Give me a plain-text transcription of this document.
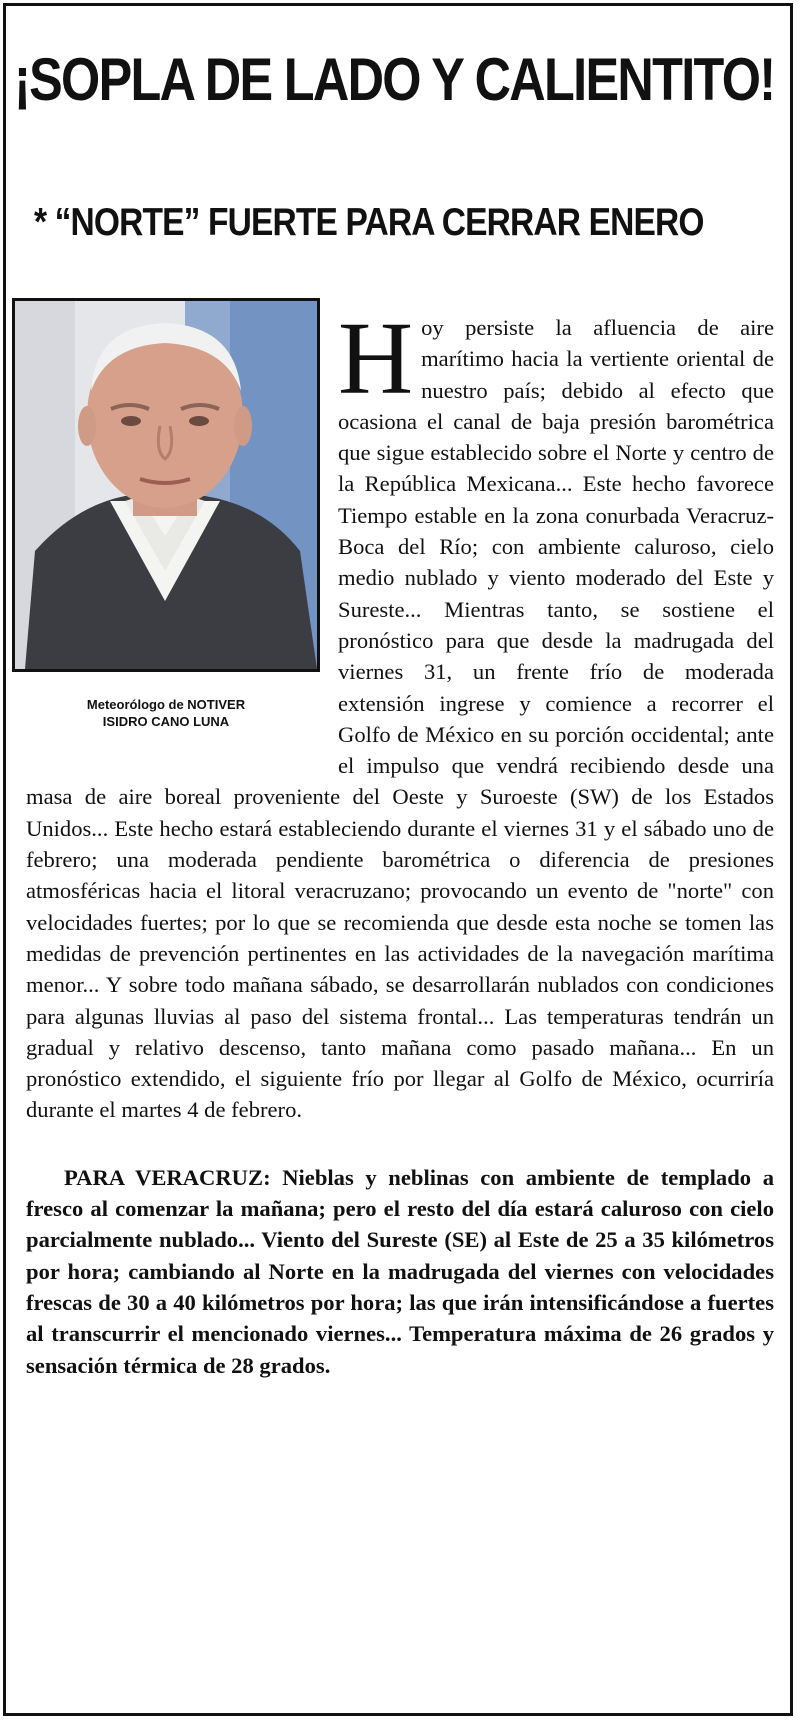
¡SOPLA DE LADO Y CALIENTITO!
* “NORTE” FUERTE PARA CERRAR ENERO
Meteorólogo de NOTIVER
ISIDRO CANO LUNA

Hoy persiste la afluencia de aire marítimo hacia la vertiente oriental de nuestro país; debido al efecto que ocasiona el canal de baja presión barométrica que sigue establecido sobre el Norte y centro de la República Mexicana... Este hecho favorece Tiempo estable en la zona conurbada Veracruz-Boca del Río; con ambiente caluroso, cielo medio nublado y viento moderado del Este y Sureste... Mientras tanto, se sostiene el pronóstico para que desde la madrugada del viernes 31, un frente frío de moderada extensión ingrese y comience a recorrer el Golfo de México en su porción occidental; ante el impulso que vendrá recibiendo desde una masa de aire boreal proveniente del Oeste y Suroeste (SW) de los Estados Unidos... Este hecho estará estableciendo durante el viernes 31 y el sábado uno de febrero; una moderada pendiente barométrica o diferencia de presiones atmosféricas hacia el litoral veracruzano; provocando un evento de "norte" con velocidades fuertes; por lo que se recomienda que desde esta noche se tomen las medidas de prevención pertinentes en las actividades de la navegación marítima menor... Y sobre todo mañana sábado, se desarrollarán nublados con condiciones para algunas lluvias al paso del sistema frontal... Las temperaturas tendrán un gradual y relativo descenso, tanto mañana como pasado mañana... En un pronóstico extendido, el siguiente frío por llegar al Golfo de México, ocurriría durante el martes 4 de febrero.

PARA VERACRUZ: Nieblas y neblinas con ambiente de templado a fresco al comenzar la mañana; pero el resto del día estará caluroso con cielo parcialmente nublado... Viento del Sureste (SE) al Este de 25 a 35 kilómetros por hora; cambiando al Norte en la madrugada del viernes con velocidades frescas de 30 a 40 kilómetros por hora; las que irán intensificándose a fuertes al transcurrir el mencionado viernes... Temperatura máxima de 26 grados y sensación térmica de 28 grados.
